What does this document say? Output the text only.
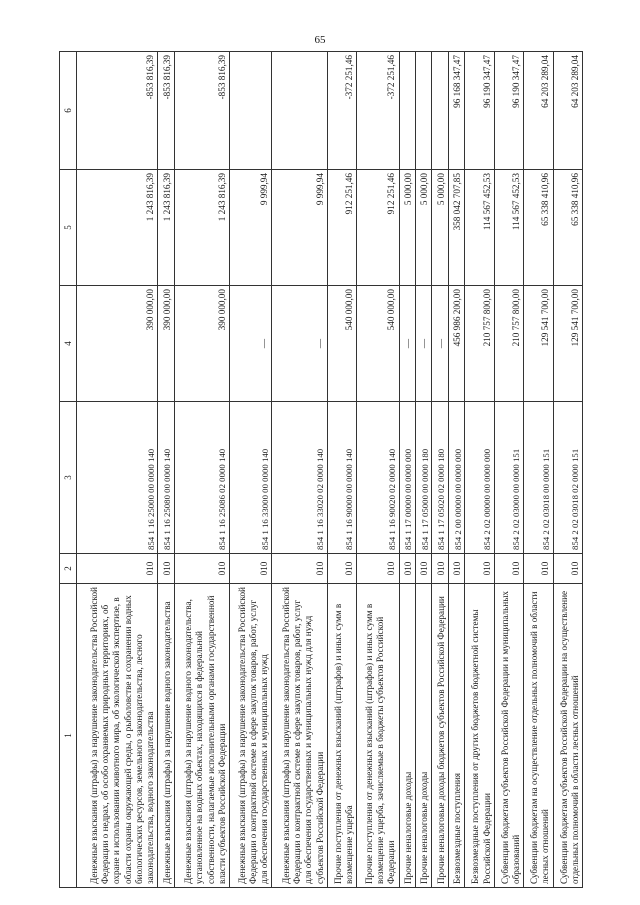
65
1	2	3	4	5	6
Денежные взыскания (штрафы) за нарушение законодательства Российской Федерации о недрах, об особо охраняемых природных территориях, об охране и использовании животного мира, об экологической экспертизе, в области охраны окружающей среды, о рыболовстве и сохранении водных биологических ресурсов, земельного законодательства, лесного законодательства, водного законодательства	010	854 1 16 25000 00 0000 140	390 000,00	1 243 816,39	-853 816,39
Денежные взыскания (штрафы) за нарушение водного законодательства	010	854 1 16 25080 00 0000 140	390 000,00	1 243 816,39	-853 816,39
Денежные взыскания (штрафы) за нарушение водного законодательства, установленное на водных объектах, находящихся в федеральной собственности, налагаемые исполнительными органами государственной власти субъектов Российской Федерации	010	854 1 16 25086 02 0000 140	390 000,00	1 243 816,39	-853 816,39
Денежные взыскания (штрафы) за нарушение законодательства Российской Федерации о контрактной системе в сфере закупок товаров, работ, услуг для обеспечения государственных и муниципальных нужд	010	854 1 16 33000 00 0000 140	—	9 999,94	
Денежные взыскания (штрафы) за нарушение законодательства Российской Федерации о контрактной системе в сфере закупок товаров, работ, услуг для обеспечения государственных и муниципальных нужд для нужд субъектов Российской Федерации	010	854 1 16 33020 02 0000 140	—	9 999,94	
Прочие поступления от денежных взысканий (штрафов) и иных сумм в возмещение ущерба	010	854 1 16 90000 00 0000 140	540 000,00	912 251,46	-372 251,46
Прочие поступления от денежных взысканий (штрафов) и иных сумм в возмещение ущерба, зачисляемые в бюджеты субъектов Российской Федерации	010	854 1 16 90020 02 0000 140	540 000,00	912 251,46	-372 251,46
Прочие неналоговые доходы	010	854 1 17 00000 00 0000 000	—	5 000,00	
Прочие неналоговые доходы	010	854 1 17 05000 00 0000 180	—	5 000,00	
Прочие неналоговые доходы бюджетов субъектов Российской Федерации	010	854 1 17 05020 02 0000 180	—	5 000,00	
Безвозмездные поступления	010	854 2 00 00000 00 0000 000	456 986 200,00	358 042 707,85	96 168 347,47
Безвозмездные поступления от других бюджетов бюджетной системы Российской Федерации	010	854 2 02 00000 00 0000 000	210 757 800,00	114 567 452,53	96 190 347,47
Субвенции бюджетам субъектов Российской Федерации и муниципальных образований	010	854 2 02 03000 00 0000 151	210 757 800,00	114 567 452,53	96 190 347,47
Субвенции бюджетам на осуществление отдельных полномочий в области лесных отношений	010	854 2 02 03018 00 0000 151	129 541 700,00	65 338 410,96	64 203 289,04
Субвенции бюджетам субъектов Российской Федерации на осуществление отдельных полномочий в области лесных отношений	010	854 2 02 03018 02 0000 151	129 541 700,00	65 338 410,96	64 203 289,04
